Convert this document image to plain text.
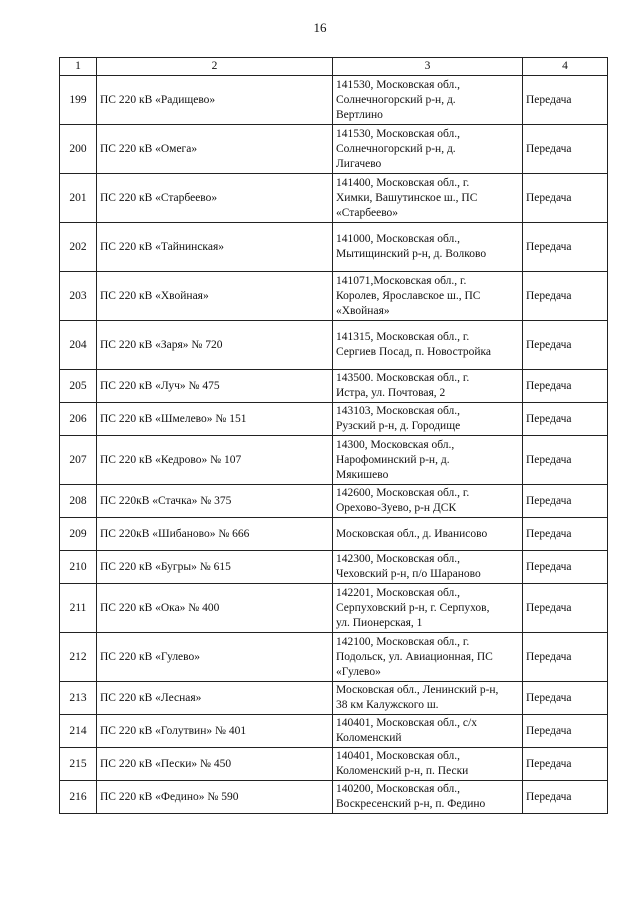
16
1	2	3	4
199	ПС 220 кВ «Радищево»	141530, Московская обл.,
Солнечногорский р-н, д.
Вертлино	Передача
200	ПС 220 кВ «Омега»	141530, Московская обл.,
Солнечногорский р-н, д.
Лигачево	Передача
201	ПС 220 кВ «Старбеево»	141400, Московская обл., г.
Химки, Вашутинское ш., ПС
«Старбеево»	Передача
202	ПС 220 кВ «Тайнинская»	141000, Московская обл.,
Мытищинский р-н, д. Волково	Передача
203	ПС 220 кВ «Хвойная»	141071,Московская обл., г.
Королев, Ярославское ш., ПС
«Хвойная»	Передача
204	ПС 220 кВ «Заря» № 720	141315, Московская обл., г.
Сергиев Посад, п. Новостройка	Передача
205	ПС 220 кВ «Луч» № 475	143500. Московская обл., г.
Истра, ул. Почтовая, 2	Передача
206	ПС 220 кВ «Шмелево» № 151	143103, Московская обл.,
Рузский р-н, д. Городище	Передача
207	ПС 220 кВ «Кедрово» № 107	14300, Московская обл.,
Нарофоминский р-н, д.
Мякишево	Передача
208	ПС 220кВ «Стачка» № 375	142600, Московская обл., г.
Орехово-Зуево, р-н ДСК	Передача
209	ПС 220кВ «Шибаново» № 666	Московская обл., д. Иванисово	Передача
210	ПС 220 кВ «Бугры» № 615	142300, Московская обл.,
Чеховский р-н, п/о Шараново	Передача
211	ПС 220 кВ «Ока» № 400	142201, Московская обл.,
Серпуховский р-н, г. Серпухов,
ул. Пионерская, 1	Передача
212	ПС 220 кВ «Гулево»	142100, Московская обл., г.
Подольск, ул. Авиационная, ПС
«Гулево»	Передача
213	ПС 220 кВ «Лесная»	Московская обл., Ленинский р-н,
38 км Калужского ш.	Передача
214	ПС 220 кВ «Голутвин» № 401	140401, Московская обл., с/х
Коломенский	Передача
215	ПС 220 кВ «Пески» № 450	140401, Московская обл.,
Коломенский р-н, п. Пески	Передача
216	ПС 220 кВ «Федино» № 590	140200, Московская обл.,
Воскресенский р-н, п. Федино	Передача
